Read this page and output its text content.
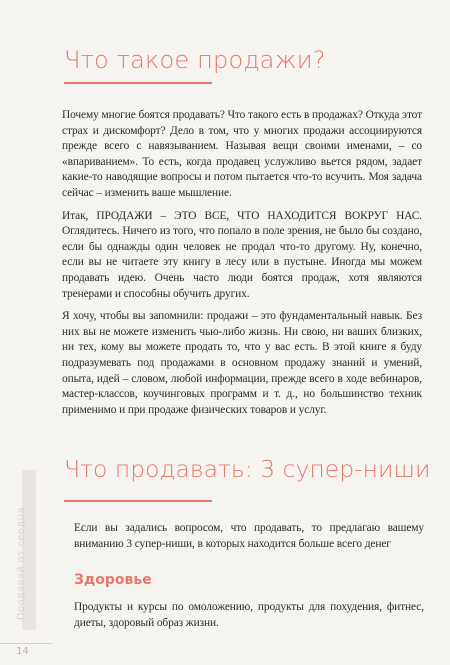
Продавай от сердца
14
Что такое продажи?

Почему многие боятся продавать? Что такого есть в продажах? Откуда этот страх и дискомфорт? Дело в том, что у многих продажи ассоциируются прежде всего с навязыванием. Называя вещи своими именами, – со «впариванием». То есть, когда продавец услужливо вьется рядом, задает какие-то наводящие вопросы и потом пытается что-то всучить. Моя задача сейчас – изменить ваше мышление.

Итак, ПРОДАЖИ – ЭТО ВСЕ, ЧТО НАХОДИТСЯ ВОКРУГ НАС. Оглядитесь. Ничего из того, что попало в поле зрения, не было бы создано, если бы однажды один человек не продал что-то другому. Ну, конечно, если вы не читаете эту книгу в лесу или в пустыне. Иногда мы можем продавать идею. Очень часто люди боятся продаж, хотя являются тренерами и способны обучить других.

Я хочу, чтобы вы запомнили: продажи – это фундаментальный навык. Без них вы не можете изменить чью-либо жизнь. Ни свою, ни ваших близких, ни тех, кому вы можете продать то, что у вас есть. В этой книге я буду подразумевать под продажами в основном продажу знаний и умений, опыта, идей – словом, любой информации, прежде всего в ходе вебинаров, мастер-классов, коучинговых программ и т. д., но большинство техник применимо и при продаже физических товаров и услуг.

Что продавать: 3 супер-ниши

Если вы задались вопросом, что продавать, то предлагаю вашему вниманию 3 супер-ниши, в которых находится больше всего денег

Здоровье

Продукты и курсы по омоложению, продукты для похудения, фитнес, диеты, здоровый образ жизни.
